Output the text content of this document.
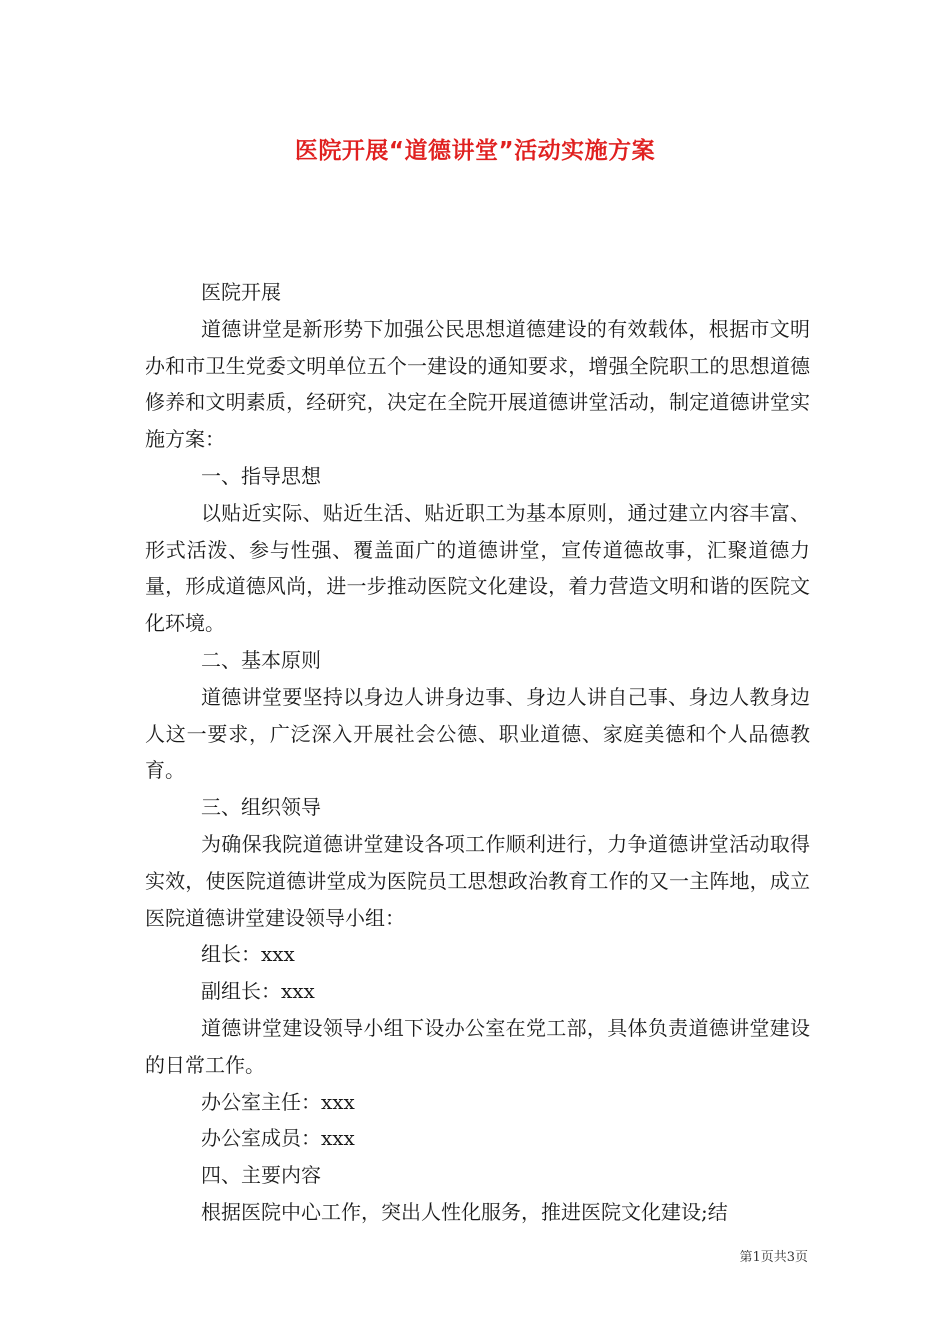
医院开展“道德讲堂”活动实施方案

医院开展

道德讲堂是新形势下加强公民思想道德建设的有效载体，根据市文明办和市卫生党委文明单位五个一建设的通知要求，增强全院职工的思想道德修养和文明素质，经研究，决定在全院开展道德讲堂活动，制定道德讲堂实施方案：

一、指导思想

以贴近实际、贴近生活、贴近职工为基本原则，通过建立内容丰富、形式活泼、参与性强、覆盖面广的道德讲堂，宣传道德故事，汇聚道德力量，形成道德风尚，进一步推动医院文化建设，着力营造文明和谐的医院文化环境。

二、基本原则

道德讲堂要坚持以身边人讲身边事、身边人讲自己事、身边人教身边人这一要求，广泛深入开展社会公德、职业道德、家庭美德和个人品德教育。

三、组织领导

为确保我院道德讲堂建设各项工作顺利进行，力争道德讲堂活动取得实效，使医院道德讲堂成为医院员工思想政治教育工作的又一主阵地，成立医院道德讲堂建设领导小组：

组长：xxx

副组长：xxx

道德讲堂建设领导小组下设办公室在党工部，具体负责道德讲堂建设的日常工作。

办公室主任：xxx

办公室成员：xxx

四、主要内容

根据医院中心工作，突出人性化服务，推进医院文化建设;结

第1页共3页
